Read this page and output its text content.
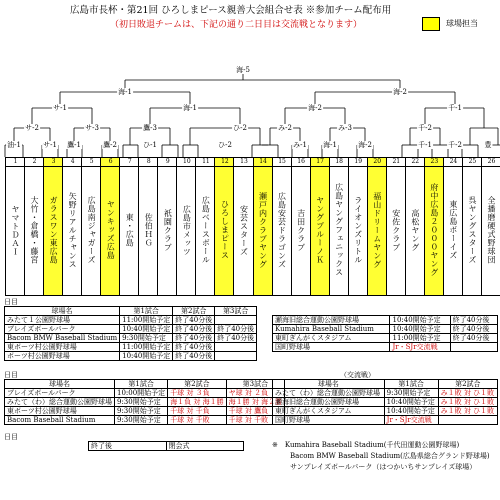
広島市長杯・第21回 ひろしまピース親善大会組合せ表 ※参加チーム配布用
（初日敗退チームは、下記の通り二日目は交流戦となります）	球場担当
海-5
海-1	海-2
サ-1	海-1	海-2	千-1
サ-2	サ-3	鷹-3	ひ-2	み-2	み-3	千-2
油-1	サ-1 鷹-1	鷹-2	ひ-1	ひ-2	み-1 海-1	海-2	千-1 千-2	豊
1
ヤマトＤＡＩ
2
大竹・倉橋・藤宮
3
ガラスワン東広島
4
矢野リアルチャンス
5
広島南ジャガーズ
6
ヤンキッズ広島
7
東・広島
8
佐伯ＨＧ
9
祇園クラブ
10
広島市メッツ
11
広島ベースボール
12
ひろしまピース
13
安芸スターズ
14
瀬戸内クラブヤング
15
広島安芸ドラゴンズ
16
吉田クラブ
17
ヤングブルーノＫ
18
広島ヤングフェニックス
19
ライオンズリトル
20
福山ドリームヤング
21
安佐クラブ
22
高松ヤング
23
府中広島２０００ヤング
24
東広島ボーイズ
25
呉ヤングスターズ
26
全播磨硬式野球団
日目
球場名	第1試合	第2試合	第3試合
みたて１公園野球場	11:00開始予定	終了40分後	
ブレイズボールパーク	10:40開始予定	終了40分後	終了40分後
Bacom BMW Baseball Stadium	9:30開始予定	終了40分後	終了40分後
東ボーツ村公園野球場	11:00開始予定	終了40分後	
ボーツ村公園野球場	10:40開始予定	終了40分後	
瀬海旧総合運動公園野球場	10:40開始予定	終了40分後
Kumahira Baseball Stadium	10:40開始予定	終了40分後
東町ぎんがくスタジアム	11:00開始予定	終了40分後
国町野球場	Jr・SJr交流戦	
日目
球場名	第1試合	第2試合	第3試合
ブレイズボールパーク	10:00開始予定	千球 対 ３負	ヤ球 対 ２負
みたて（わ）総合運動公園野球場	9:30開始予定	海１負 対 海１勝	海１勝 対 海２勝
東ボーツ村公園野球場	9:30開始予定	千球 対 千負	千球 対 鷹負
Bacom Baseball Stadium	9:30開始予定	千球 対 千敗	千球 対 千敗
日目
	終了後	閉会式
（交流戦）
球場名	第1試合	第2試合
みたて（わ）総合運動公園野球場	9:30開始予定	み１敗 対 ひ１敗
瀬海旧総合運動公園野球場	10:40開始予定	み１敗 対 ひ１敗
東町ぎんがくスタジアム	10:40開始予定	み１敗 対 ひ１敗
国町野球場	Jr・SJr交流戦	
※　Kumahira Baseball Stadium(千代田運動公園野球場)
Bacom BMW Baseball Stadium(広島県総合グランド野球場)
サンプレイズボールパーク（はつかいちサンプレイズ球場）
